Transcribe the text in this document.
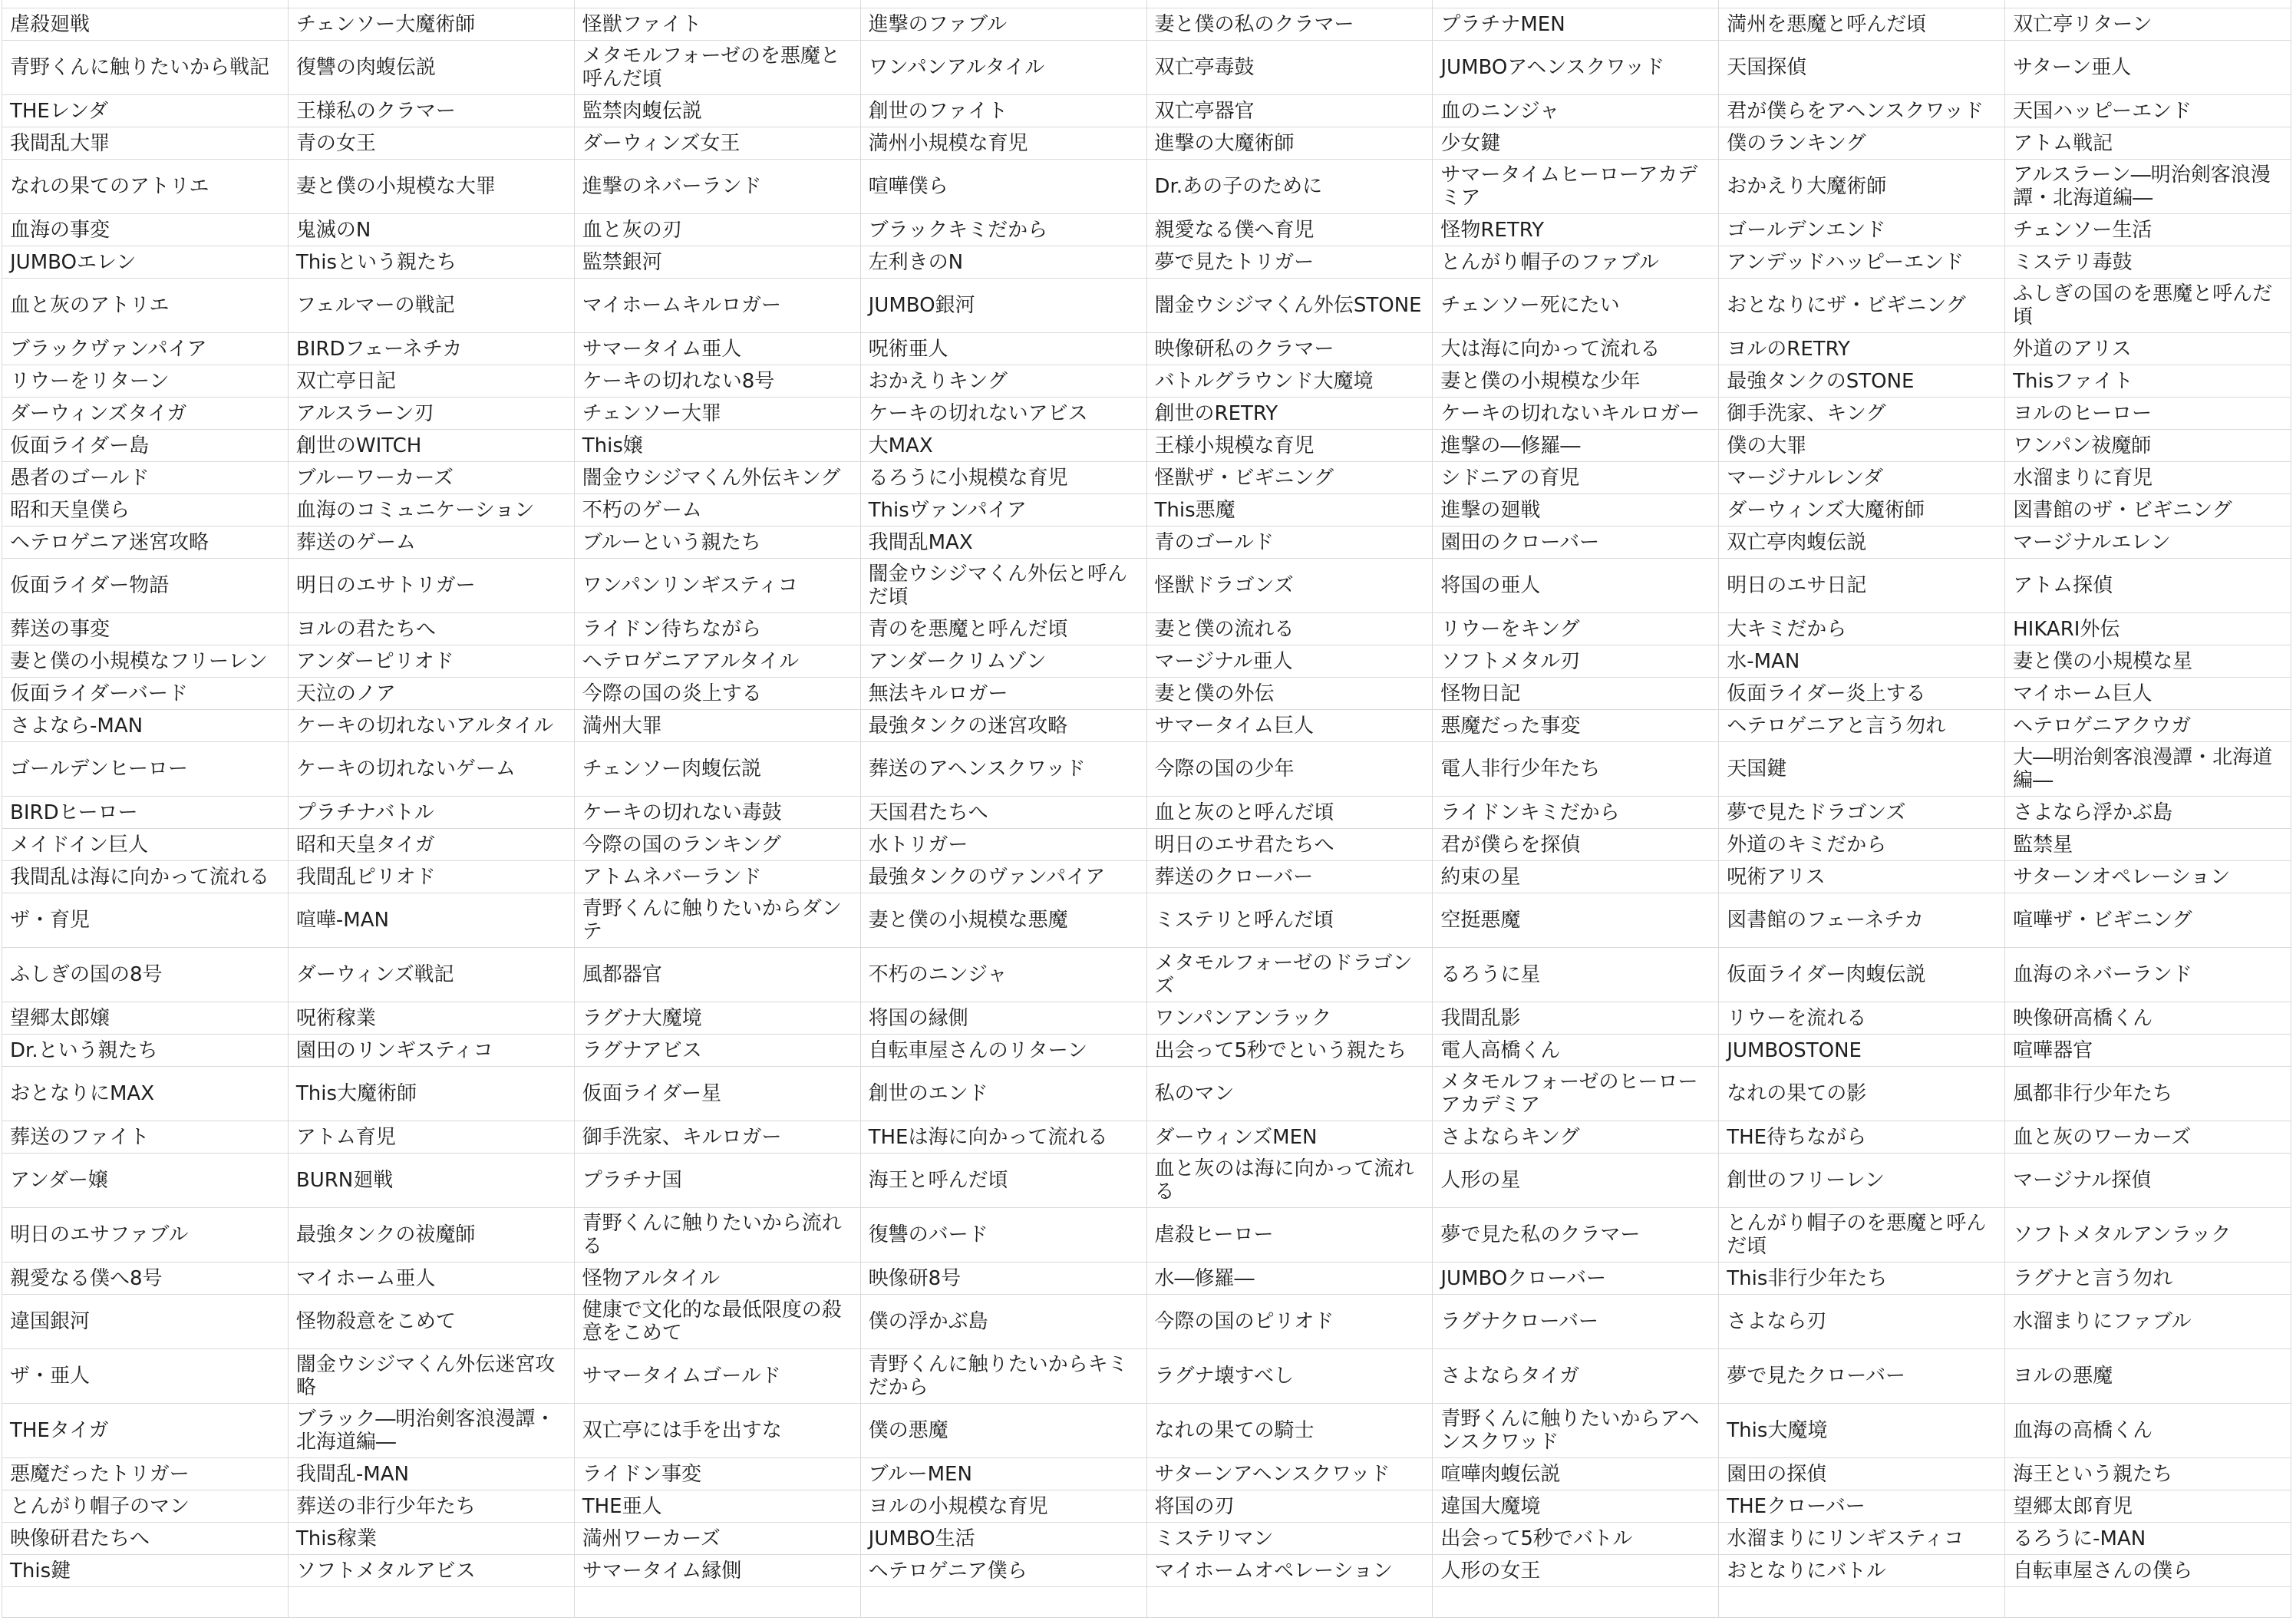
虐殺廻戦	チェンソー大魔術師	怪獣ファイト	進撃のファブル	妻と僕の私のクラマー	プラチナMEN	満州を悪魔と呼んだ頃	双亡亭リターン
青野くんに触りたいから戦記	復讐の肉蝮伝説	メタモルフォーゼのを悪魔と呼んだ頃	ワンパンアルタイル	双亡亭毒鼓	JUMBOアヘンスクワッド	天国探偵	サターン亜人
THEレンダ	王様私のクラマー	監禁肉蝮伝説	創世のファイト	双亡亭器官	血のニンジャ	君が僕らをアヘンスクワッド	天国ハッピーエンド
我間乱大罪	青の女王	ダーウィンズ女王	満州小規模な育児	進撃の大魔術師	少女鍵	僕のランキング	アトム戦記
なれの果てのアトリエ	妻と僕の小規模な大罪	進撃のネバーランド	喧嘩僕ら	Dr.あの子のために	サマータイムヒーローアカデミア	おかえり大魔術師	アルスラーン―明治剣客浪漫譚・北海道編―
血海の事変	鬼滅のN	血と灰の刃	ブラックキミだから	親愛なる僕へ育児	怪物RETRY	ゴールデンエンド	チェンソー生活
JUMBOエレン	Thisという親たち	監禁銀河	左利きのN	夢で見たトリガー	とんがり帽子のファブル	アンデッドハッピーエンド	ミステリ毒鼓
血と灰のアトリエ	フェルマーの戦記	マイホームキルロガー	JUMBO銀河	闇金ウシジマくん外伝STONE	チェンソー死にたい	おとなりにザ・ビギニング	ふしぎの国のを悪魔と呼んだ頃
ブラックヴァンパイア	BIRDフェーネチカ	サマータイム亜人	呪術亜人	映像研私のクラマー	大は海に向かって流れる	ヨルのRETRY	外道のアリス
リウーをリターン	双亡亭日記	ケーキの切れない8号	おかえりキング	バトルグラウンド大魔境	妻と僕の小規模な少年	最強タンクのSTONE	Thisファイト
ダーウィンズタイガ	アルスラーン刃	チェンソー大罪	ケーキの切れないアビス	創世のRETRY	ケーキの切れないキルロガー	御手洗家、キング	ヨルのヒーロー
仮面ライダー島	創世のWITCH	This嬢	大MAX	王様小規模な育児	進撃の―修羅―	僕の大罪	ワンパン祓魔師
愚者のゴールド	ブルーワーカーズ	闇金ウシジマくん外伝キング	るろうに小規模な育児	怪獣ザ・ビギニング	シドニアの育児	マージナルレンダ	水溜まりに育児
昭和天皇僕ら	血海のコミュニケーション	不朽のゲーム	Thisヴァンパイア	This悪魔	進撃の廻戦	ダーウィンズ大魔術師	図書館のザ・ビギニング
ヘテロゲニア迷宮攻略	葬送のゲーム	ブルーという親たち	我間乱MAX	青のゴールド	園田のクローバー	双亡亭肉蝮伝説	マージナルエレン
仮面ライダー物語	明日のエサトリガー	ワンパンリンギスティコ	闇金ウシジマくん外伝と呼んだ頃	怪獣ドラゴンズ	将国の亜人	明日のエサ日記	アトム探偵
葬送の事変	ヨルの君たちへ	ライドン待ちながら	青のを悪魔と呼んだ頃	妻と僕の流れる	リウーをキング	大キミだから	HIKARI外伝
妻と僕の小規模なフリーレン	アンダーピリオド	ヘテロゲニアアルタイル	アンダークリムゾン	マージナル亜人	ソフトメタル刃	水-MAN	妻と僕の小規模な星
仮面ライダーバード	天泣のノア	今際の国の炎上する	無法キルロガー	妻と僕の外伝	怪物日記	仮面ライダー炎上する	マイホーム巨人
さよなら-MAN	ケーキの切れないアルタイル	満州大罪	最強タンクの迷宮攻略	サマータイム巨人	悪魔だった事変	ヘテロゲニアと言う勿れ	ヘテロゲニアクウガ
ゴールデンヒーロー	ケーキの切れないゲーム	チェンソー肉蝮伝説	葬送のアヘンスクワッド	今際の国の少年	電人非行少年たち	天国鍵	大―明治剣客浪漫譚・北海道編―
BIRDヒーロー	プラチナバトル	ケーキの切れない毒鼓	天国君たちへ	血と灰のと呼んだ頃	ライドンキミだから	夢で見たドラゴンズ	さよなら浮かぶ島
メイドイン巨人	昭和天皇タイガ	今際の国のランキング	水トリガー	明日のエサ君たちへ	君が僕らを探偵	外道のキミだから	監禁星
我間乱は海に向かって流れる	我間乱ピリオド	アトムネバーランド	最強タンクのヴァンパイア	葬送のクローバー	約束の星	呪術アリス	サターンオペレーション
ザ・育児	喧嘩-MAN	青野くんに触りたいからダンテ	妻と僕の小規模な悪魔	ミステリと呼んだ頃	空挺悪魔	図書館のフェーネチカ	喧嘩ザ・ビギニング
ふしぎの国の8号	ダーウィンズ戦記	風都器官	不朽のニンジャ	メタモルフォーゼのドラゴンズ	るろうに星	仮面ライダー肉蝮伝説	血海のネバーランド
望郷太郎嬢	呪術稼業	ラグナ大魔境	将国の縁側	ワンパンアンラック	我間乱影	リウーを流れる	映像研高橋くん
Dr.という親たち	園田のリンギスティコ	ラグナアビス	自転車屋さんのリターン	出会って5秒でという親たち	電人高橋くん	JUMBOSTONE	喧嘩器官
おとなりにMAX	This大魔術師	仮面ライダー星	創世のエンド	私のマン	メタモルフォーゼのヒーローアカデミア	なれの果ての影	風都非行少年たち
葬送のファイト	アトム育児	御手洗家、キルロガー	THEは海に向かって流れる	ダーウィンズMEN	さよならキング	THE待ちながら	血と灰のワーカーズ
アンダー嬢	BURN廻戦	プラチナ国	海王と呼んだ頃	血と灰のは海に向かって流れる	人形の星	創世のフリーレン	マージナル探偵
明日のエサファブル	最強タンクの祓魔師	青野くんに触りたいから流れる	復讐のバード	虐殺ヒーロー	夢で見た私のクラマー	とんがり帽子のを悪魔と呼んだ頃	ソフトメタルアンラック
親愛なる僕へ8号	マイホーム亜人	怪物アルタイル	映像研8号	水―修羅―	JUMBOクローバー	This非行少年たち	ラグナと言う勿れ
違国銀河	怪物殺意をこめて	健康で文化的な最低限度の殺意をこめて	僕の浮かぶ島	今際の国のピリオド	ラグナクローバー	さよなら刃	水溜まりにファブル
ザ・亜人	闇金ウシジマくん外伝迷宮攻略	サマータイムゴールド	青野くんに触りたいからキミだから	ラグナ壊すべし	さよならタイガ	夢で見たクローバー	ヨルの悪魔
THEタイガ	ブラック―明治剣客浪漫譚・北海道編―	双亡亭には手を出すな	僕の悪魔	なれの果ての騎士	青野くんに触りたいからアヘンスクワッド	This大魔境	血海の高橋くん
悪魔だったトリガー	我間乱-MAN	ライドン事変	ブルーMEN	サターンアヘンスクワッド	喧嘩肉蝮伝説	園田の探偵	海王という親たち
とんがり帽子のマン	葬送の非行少年たち	THE亜人	ヨルの小規模な育児	将国の刃	違国大魔境	THEクローバー	望郷太郎育児
映像研君たちへ	This稼業	満州ワーカーズ	JUMBO生活	ミステリマン	出会って5秒でバトル	水溜まりにリンギスティコ	るろうに-MAN
This鍵	ソフトメタルアビス	サマータイム縁側	ヘテロゲニア僕ら	マイホームオペレーション	人形の女王	おとなりにバトル	自転車屋さんの僕ら
